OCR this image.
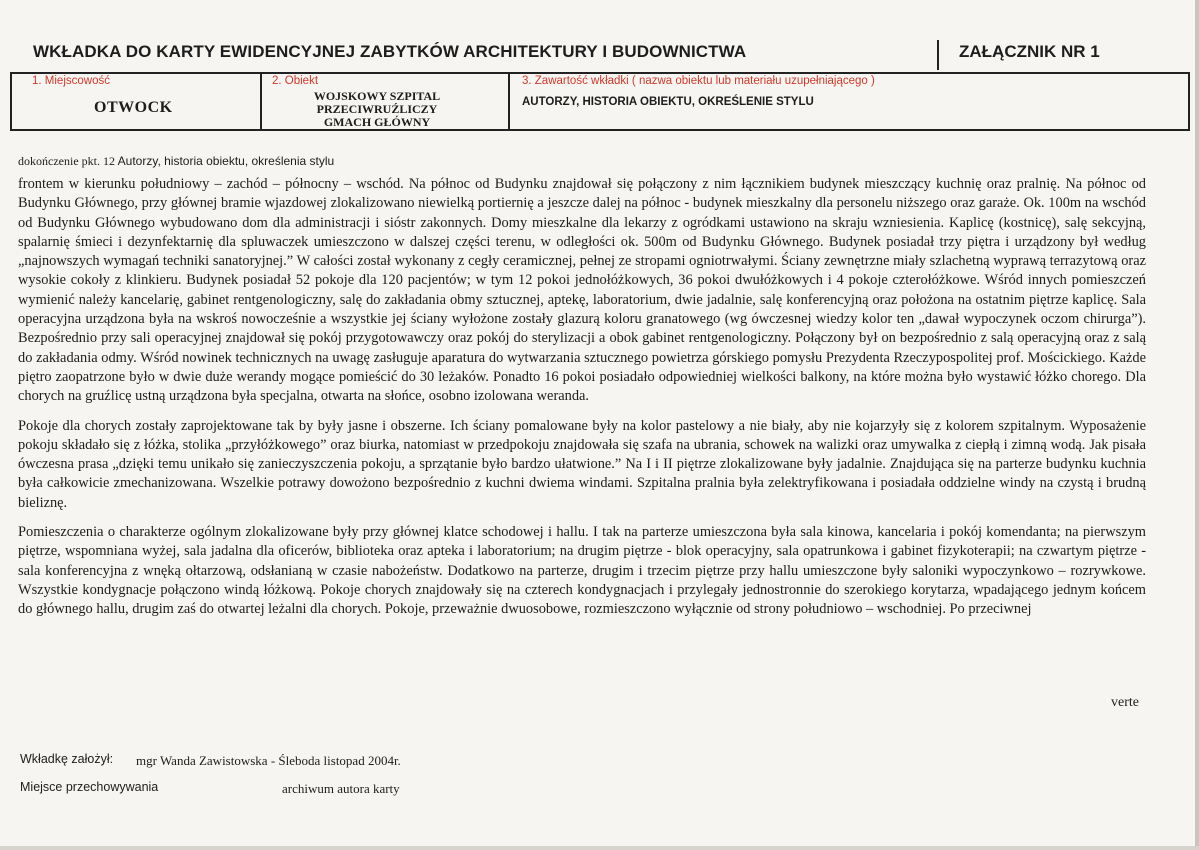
WKŁADKA DO KARTY EWIDENCYJNEJ ZABYTKÓW ARCHITEKTURY I BUDOWNICTWA	ZAŁĄCZNIK NR 1
1. Miejscowość
OTWOCK
2. Obiekt
WOJSKOWY SZPITAL
PRZECIWRUŹLICZY
GMACH GŁÓWNY
3. Zawartość wkładki ( nazwa obiektu lub materiału uzupełniającego )
AUTORZY, HISTORIA OBIEKTU, OKREŚLENIE STYLU
dokończenie pkt. 12 Autorzy, historia obiektu, określenia stylu

frontem w kierunku południowy – zachód – północny – wschód. Na północ od Budynku znajdował się połączony z nim łącznikiem budynek mieszczący kuchnię oraz pralnię. Na północ od Budynku Głównego, przy głównej bramie wjazdowej zlokalizowano niewielką portiernię a jeszcze dalej na północ - budynek mieszkalny dla personelu niższego oraz garaże. Ok. 100m na wschód od Budynku Głównego wybudowano dom dla administracji i sióstr zakonnych. Domy mieszkalne dla lekarzy z ogródkami ustawiono na skraju wzniesienia. Kaplicę (kostnicę), salę sekcyjną, spalarnię śmieci i dezynfektarnię dla spluwaczek umieszczono w dalszej części terenu, w odległości ok. 500m od Budynku Głównego. Budynek posiadał trzy piętra i urządzony był według „najnowszych wymagań techniki sanatoryjnej.” W całości został wykonany z cegły ceramicznej, pełnej ze stropami ogniotrwałymi. Ściany zewnętrzne miały szlachetną wyprawą terrazytową oraz wysokie cokoły z klinkieru. Budynek posiadał 52 pokoje dla 120 pacjentów; w tym 12 pokoi jednołóżkowych, 36 pokoi dwułóżkowych i 4 pokoje czterołóżkowe. Wśród innych pomieszczeń wymienić należy kancelarię, gabinet rentgenologiczny, salę do zakładania obmy sztucznej, aptekę, laboratorium, dwie jadalnie, salę konferencyjną oraz położona na ostatnim piętrze kaplicę. Sala operacyjna urządzona była na wskroś nowocześnie a wszystkie jej ściany wyłożone zostały glazurą koloru granatowego (wg ówczesnej wiedzy kolor ten „dawał wypoczynek oczom chirurga”). Bezpośrednio przy sali operacyjnej znajdował się pokój przygotowawczy oraz pokój do sterylizacji a obok gabinet rentgenologiczny. Połączony był on bezpośrednio z salą operacyjną oraz z salą do zakładania odmy. Wśród nowinek technicznych na uwagę zasługuje aparatura do wytwarzania sztucznego powietrza górskiego pomysłu Prezydenta Rzeczypospolitej prof. Mościckiego. Każde piętro zaopatrzone było w dwie duże werandy mogące pomieścić do 30 leżaków. Ponadto 16 pokoi posiadało odpowiedniej wielkości balkony, na które można było wystawić łóżko chorego. Dla chorych na gruźlicę ustną urządzona była specjalna, otwarta na słońce, osobno izolowana weranda.

Pokoje dla chorych zostały zaprojektowane tak by były jasne i obszerne. Ich ściany pomalowane były na kolor pastelowy a nie biały, aby nie kojarzyły się z kolorem szpitalnym. Wyposażenie pokoju składało się z łóżka, stolika „przyłóżkowego” oraz biurka, natomiast w przedpokoju znajdowała się szafa na ubrania, schowek na walizki oraz umywalka z ciepłą i zimną wodą. Jak pisała ówczesna prasa „dzięki temu unikało się zanieczyszczenia pokoju, a sprzątanie było bardzo ułatwione.” Na I i II piętrze zlokalizowane były jadalnie. Znajdująca się na parterze budynku kuchnia była całkowicie zmechanizowana. Wszelkie potrawy dowożono bezpośrednio z kuchni dwiema windami. Szpitalna pralnia była zelektryfikowana i posiadała oddzielne windy na czystą i brudną bieliznę.

Pomieszczenia o charakterze ogólnym zlokalizowane były przy głównej klatce schodowej i hallu. I tak na parterze umieszczona była sala kinowa, kancelaria i pokój komendanta; na pierwszym piętrze, wspomniana wyżej, sala jadalna dla oficerów, biblioteka oraz apteka i laboratorium; na drugim piętrze - blok operacyjny, sala opatrunkowa i gabinet fizykoterapii; na czwartym piętrze - sala konferencyjna z wnęką ołtarzową, odsłanianą w czasie nabożeństw. Dodatkowo na parterze, drugim i trzecim piętrze przy hallu umieszczone były saloniki wypoczynkowo – rozrywkowe. Wszystkie kondygnacje połączono windą łóżkową. Pokoje chorych znajdowały się na czterech kondygnacjach i przylegały jednostronnie do szerokiego korytarza, wpadającego jednym końcem do głównego hallu, drugim zaś do otwartej leżalni dla chorych. Pokoje, przeważnie dwuosobowe, rozmieszczono wyłącznie od strony południowo – wschodniej. Po przeciwnej

verte
Wkładkę założył: mgr Wanda Zawistowska - Śleboda listopad 2004r.
Miejsce przechowywania	archiwum autora karty
